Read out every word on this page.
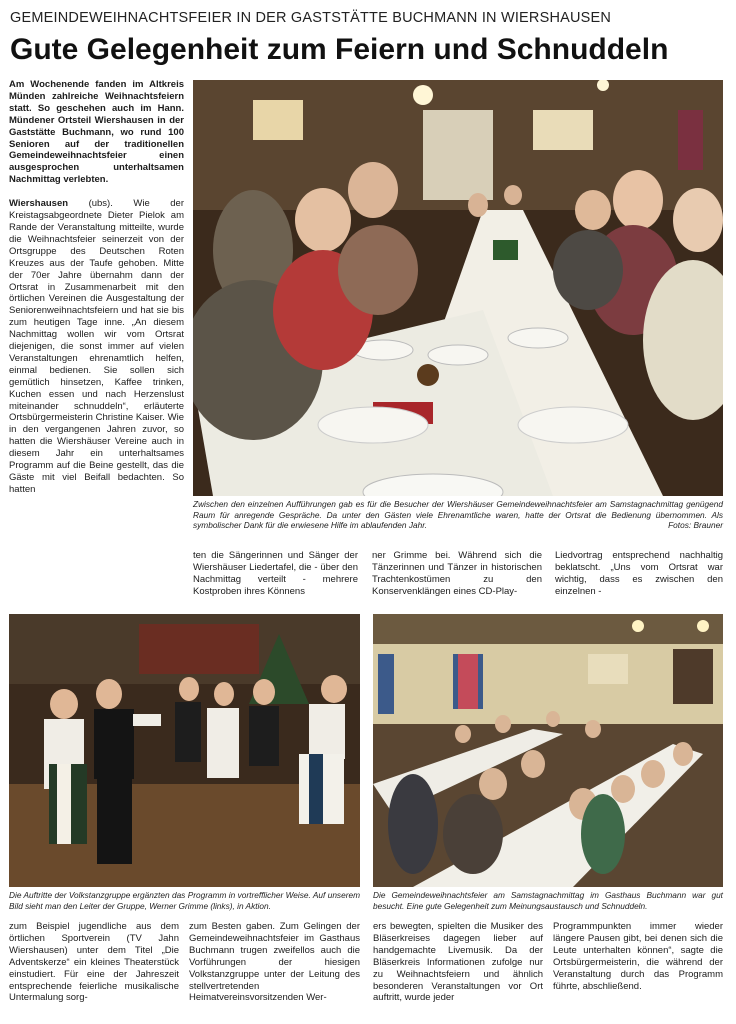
GEMEINDEWEIHNACHTSFEIER IN DER GASTSTÄTTE BUCHMANN IN WIERSHAUSEN
Gute Gelegenheit zum Feiern und Schnuddeln

Am Wochenende fanden im Altkreis Münden zahlreiche Weihnachtsfeiern statt. So geschehen auch im Hann. Mündener Ortsteil Wiershausen in der Gaststätte Buchmann, wo rund 100 Senioren auf der traditionellen Gemeindeweihnachtsfeier einen ausgesprochen unterhaltsamen Nachmittag verlebten.

Wiershausen (ubs). Wie der Kreistagsabgeordnete Dieter Pielok am Rande der Veranstaltung mitteilte, wurde die Weihnachtsfeier seinerzeit von der Ortsgruppe des Deutschen Roten Kreuzes aus der Taufe gehoben. Mitte der 70er Jahre übernahm dann der Ortsrat in Zusammenarbeit mit den örtlichen Vereinen die Ausgestaltung der Seniorenweihnachtsfeiern und hat sie bis zum heutigen Tage inne. „An diesem Nachmittag wollen wir vom Ortsrat diejenigen, die sonst immer auf vielen Veranstaltungen ehrenamtlich helfen, einmal bedienen. Sie sollen sich gemütlich hinsetzen, Kaffee trinken, Kuchen essen und nach Herzenslust miteinander schnuddeln“, erläuterte Ortsbürgermeisterin Christine Kaiser. Wie in den vergangenen Jahren zuvor, so hatten die Wiershäuser Vereine auch in diesem Jahr ein unterhaltsames Programm auf die Beine gestellt, das die Gäste mit viel Beifall bedachten. So hatten

Zwischen den einzelnen Aufführungen gab es für die Besucher der Wiershäuser Gemeindeweihnachtsfeier am Samstagnachmittag genügend Raum für anregende Gespräche. Da unter den Gästen viele Ehrenamtliche waren, hatte der Ortsrat die Bedienung übernommen. Als symbolischer Dank für die erwiesene Hilfe im ablaufenden Jahr.	Fotos: Brauner

ten die Sängerinnen und Sänger der Wiershäuser Liedertafel, die - über den Nachmittag verteilt - mehrere Kostproben ihres Könnens

ner Grimme bei. Während sich die Tänzerinnen und Tänzer in historischen Trachtenkostümen zu den Konservenklängen eines CD-Play-

Liedvortrag entsprechend nachhaltig beklatscht. „Uns vom Ortsrat war wichtig, dass es zwischen den einzelnen -

Die Auftritte der Volkstanzgruppe ergänzten das Programm in vortrefflicher Weise. Auf unserem Bild sieht man den Leiter der Gruppe, Werner Grimme (links), in Aktion.
Die Gemeindeweihnachtsfeier am Samstagnachmittag im Gasthaus Buchmann war gut besucht. Eine gute Gelegenheit zum Meinungsaustausch und Schnuddeln.

zum Beispiel jugendliche aus dem örtlichen Sportverein (TV Jahn Wiershausen) unter dem Titel „Die Adventskerze“ ein kleines Theaterstück einstudiert. Für eine der Jahreszeit entsprechende feierliche musikalische Untermalung sorg-

zum Besten gaben. Zum Gelingen der Gemeindeweihnachtsfeier im Gasthaus Buchmann trugen zweifellos auch die Vorführungen der hiesigen Volkstanzgruppe unter der Leitung des stellvertretenden Heimatvereinsvorsitzenden Wer-

ers bewegten, spielten die Musiker des Bläserkreises dagegen lieber auf handgemachte Livemusik. Da der Bläserkreis Informationen zufolge nur zu Weihnachtsfeiern und ähnlich besonderen Veranstaltungen vor Ort auftritt, wurde jeder

Programmpunkten immer wieder längere Pausen gibt, bei denen sich die Leute unterhalten können“, sagte die Ortsbürgermeisterin, die während der Veranstaltung durch das Programm führte, abschließend.
